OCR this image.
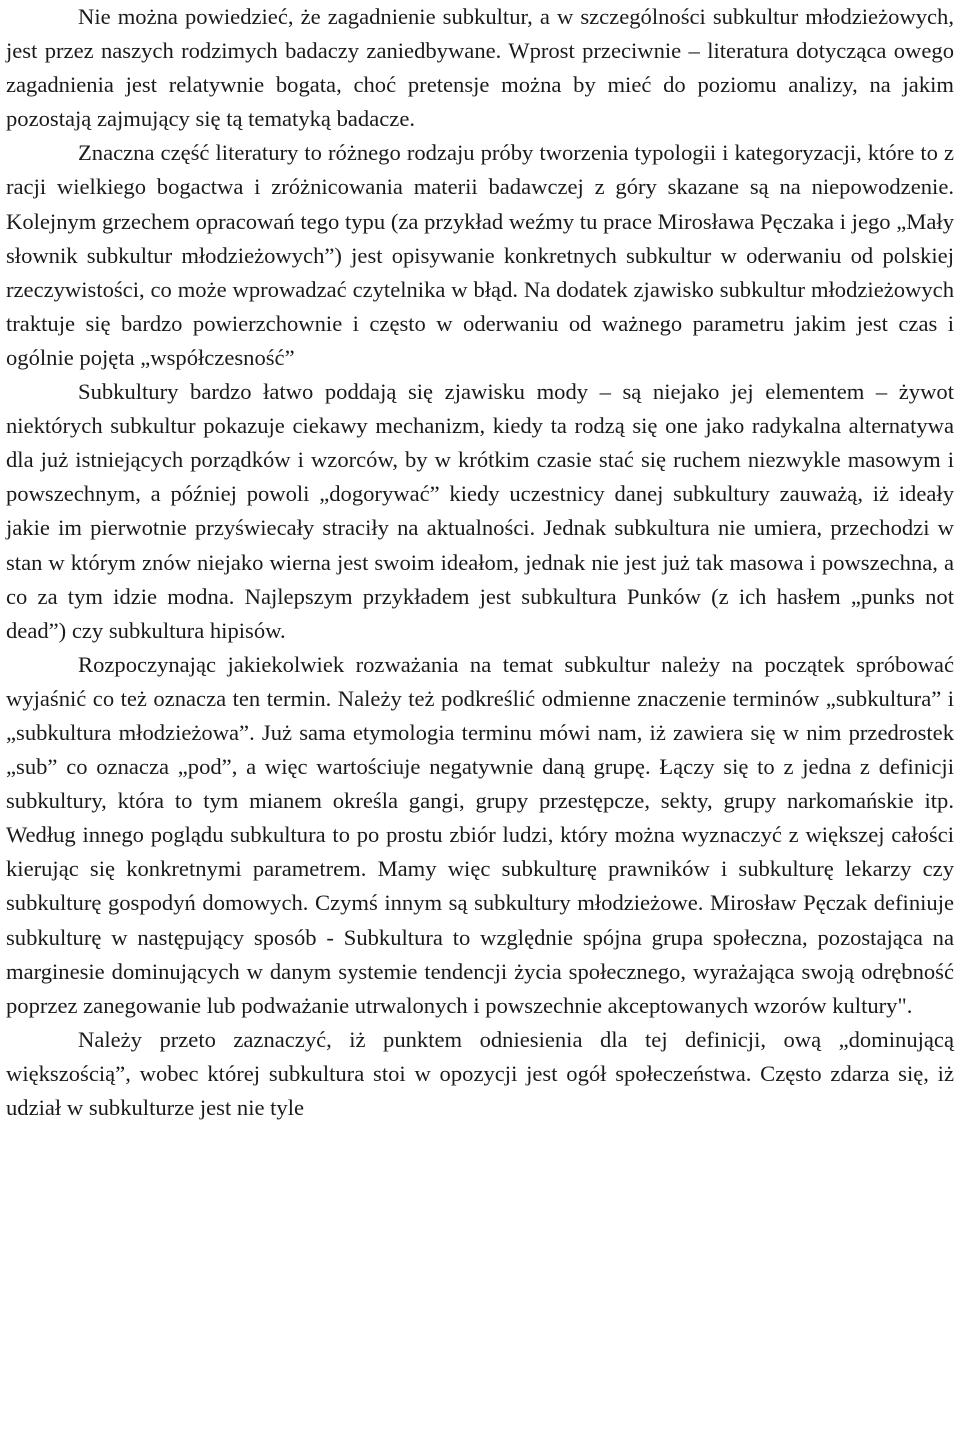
Nie można powiedzieć, że zagadnienie subkultur, a w szczególności subkultur młodzieżowych, jest przez naszych rodzimych badaczy zaniedbywane. Wprost przeciwnie – literatura dotycząca owego zagadnienia jest relatywnie bogata, choć pretensje można by mieć do poziomu analizy, na jakim pozostają zajmujący się tą tematyką badacze.

Znaczna część literatury to różnego rodzaju próby tworzenia typologii i kategoryzacji, które to z racji wielkiego bogactwa i zróżnicowania materii badawczej z góry skazane są na niepowodzenie. Kolejnym grzechem opracowań tego typu (za przykład weźmy tu prace Mirosława Pęczaka i jego „Mały słownik subkultur młodzieżowych”) jest opisywanie konkretnych subkultur w oderwaniu od polskiej rzeczywistości, co może wprowadzać czytelnika w błąd. Na dodatek zjawisko subkultur młodzieżowych traktuje się bardzo powierzchownie i często w oderwaniu od ważnego parametru jakim jest czas i ogólnie pojęta „współczesność”

Subkultury bardzo łatwo poddają się zjawisku mody – są niejako jej elementem – żywot niektórych subkultur pokazuje ciekawy mechanizm, kiedy ta rodzą się one jako radykalna alternatywa dla już istniejących porządków i wzorców, by w krótkim czasie stać się ruchem niezwykle masowym i powszechnym, a później powoli „dogorywać” kiedy uczestnicy danej subkultury zauważą, iż ideały jakie im pierwotnie przyświecały straciły na aktualności. Jednak subkultura nie umiera, przechodzi w stan w którym znów niejako wierna jest swoim ideałom, jednak nie jest już tak masowa i powszechna, a co za tym idzie modna. Najlepszym przykładem jest subkultura Punków (z ich hasłem „punks not dead”) czy subkultura hipisów.

Rozpoczynając jakiekolwiek rozważania na temat subkultur należy na początek spróbować wyjaśnić co też oznacza ten termin. Należy też podkreślić odmienne znaczenie terminów „subkultura” i „subkultura młodzieżowa”. Już sama etymologia terminu mówi nam, iż zawiera się w nim przedrostek „sub” co oznacza „pod”, a więc wartościuje negatywnie daną grupę. Łączy się to z jedna z definicji subkultury, która to tym mianem określa gangi, grupy przestępcze, sekty, grupy narkomańskie itp. Według innego poglądu subkultura to po prostu zbiór ludzi, który można wyznaczyć z większej całości kierując się konkretnymi parametrem. Mamy więc subkulturę prawników i subkulturę lekarzy czy subkulturę gospodyń domowych. Czymś innym są subkultury młodzieżowe. Mirosław Pęczak definiuje subkulturę w następujący sposób - Subkultura to względnie spójna grupa społeczna, pozostająca na marginesie dominujących w danym systemie tendencji życia społecznego, wyrażająca swoją odrębność poprzez zanegowanie lub podważanie utrwalonych i powszechnie akceptowanych wzorów kultury".

Należy przeto zaznaczyć, iż punktem odniesienia dla tej definicji, ową „dominującą większością”, wobec której subkultura stoi w opozycji jest ogół społeczeństwa. Często zdarza się, iż udział w subkulturze jest nie tyle
